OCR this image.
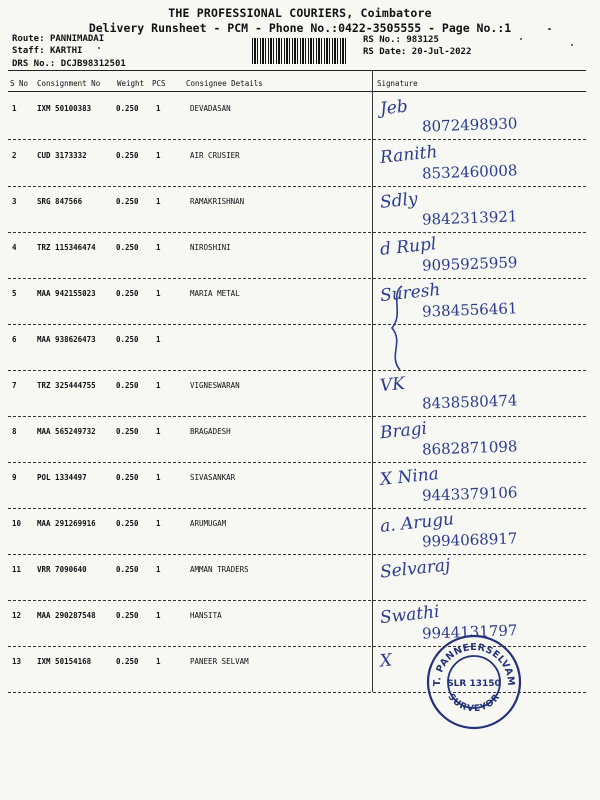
THE PROFESSIONAL COURIERS, Coimbatore
Delivery Runsheet - PCM - Phone No.:0422-3505555 - Page No.:1
Route: PANNIMADAI
Staff: KARTHI
DRS No.: DCJB98312501
RS No.: 983125
RS Date: 20-Jul-2022
S No Consignment No Weight PCS	Consignee Details	Signature
1	IXM 50100383	0.250 1	DEVADASAN	Jeb
8072498930
2	CUD 3173332	0.250 1	AIR CRUSIER	Ranith
8532460008
3	SRG 847566	0.250 1	RAMAKRISHNAN	Sdly
9842313921
4	TRZ 115346474	0.250 1	NIROSHINI	d Rupl
9095925959
5	MAA 942155023	0.250 1	MARIA METAL	Suresh
9384556461
6	MAA 938626473	0.250 1
7	TRZ 325444755	0.250 1	VIGNESWARAN	VK
8438580474
8	MAA 565249732	0.250 1	BRAGADESH	Bragi
8682871098
9	POL 1334497	0.250 1	SIVASANKAR	X Nina
9443379106
10 MAA 291269916	0.250 1	ARUMUGAM	a. Arugu
9994068917
11 VRR 7090640	0.250 1	AMMAN TRADERS	Selvaraj
12 MAA 290287548	0.250 1	HANSITA	Swathi
9944131797
13 IXM 50154168	0.250 1	PANEER SELVAM	X
T. PANNEERSELVAM
SLR 13150
SURVEYOR
